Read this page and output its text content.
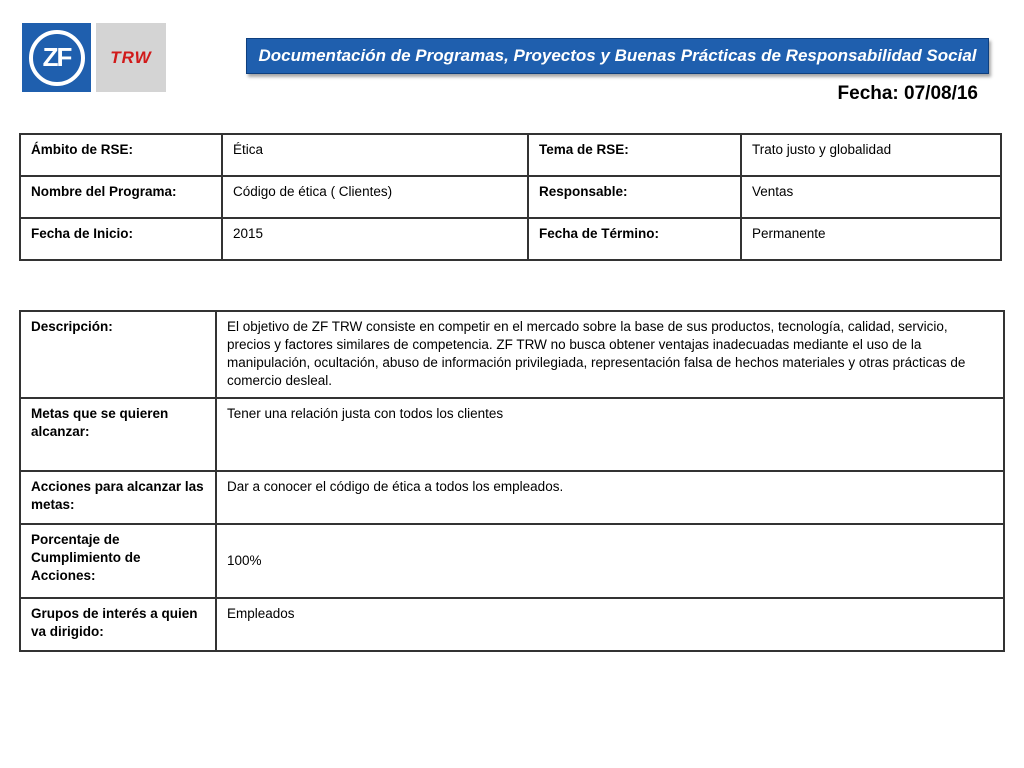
ZF	TRW	Documentación de Programas, Proyectos y Buenas Prácticas de Responsabilidad Social
Fecha: 07/08/16
Ámbito de RSE:	Ética	Tema de RSE:	Trato justo y globalidad
Nombre del Programa:	Código de ética ( Clientes)	Responsable:	Ventas
Fecha de Inicio:	2015	Fecha de Término:	Permanente
Descripción:	El objetivo de ZF TRW consiste en competir en el mercado sobre la base de sus productos, tecnología, calidad, servicio, precios y factores similares de competencia. ZF TRW no busca obtener ventajas inadecuadas mediante el uso de la manipulación, ocultación, abuso de información privilegiada, representación falsa de hechos materiales y otras prácticas de comercio desleal.
Metas que se quieren alcanzar:	Tener una relación justa con todos los clientes
Acciones para alcanzar las metas:	Dar a conocer el código de ética a todos los empleados.
Porcentaje de Cumplimiento de Acciones:	100%
Grupos de interés a quien va dirigido:	Empleados
